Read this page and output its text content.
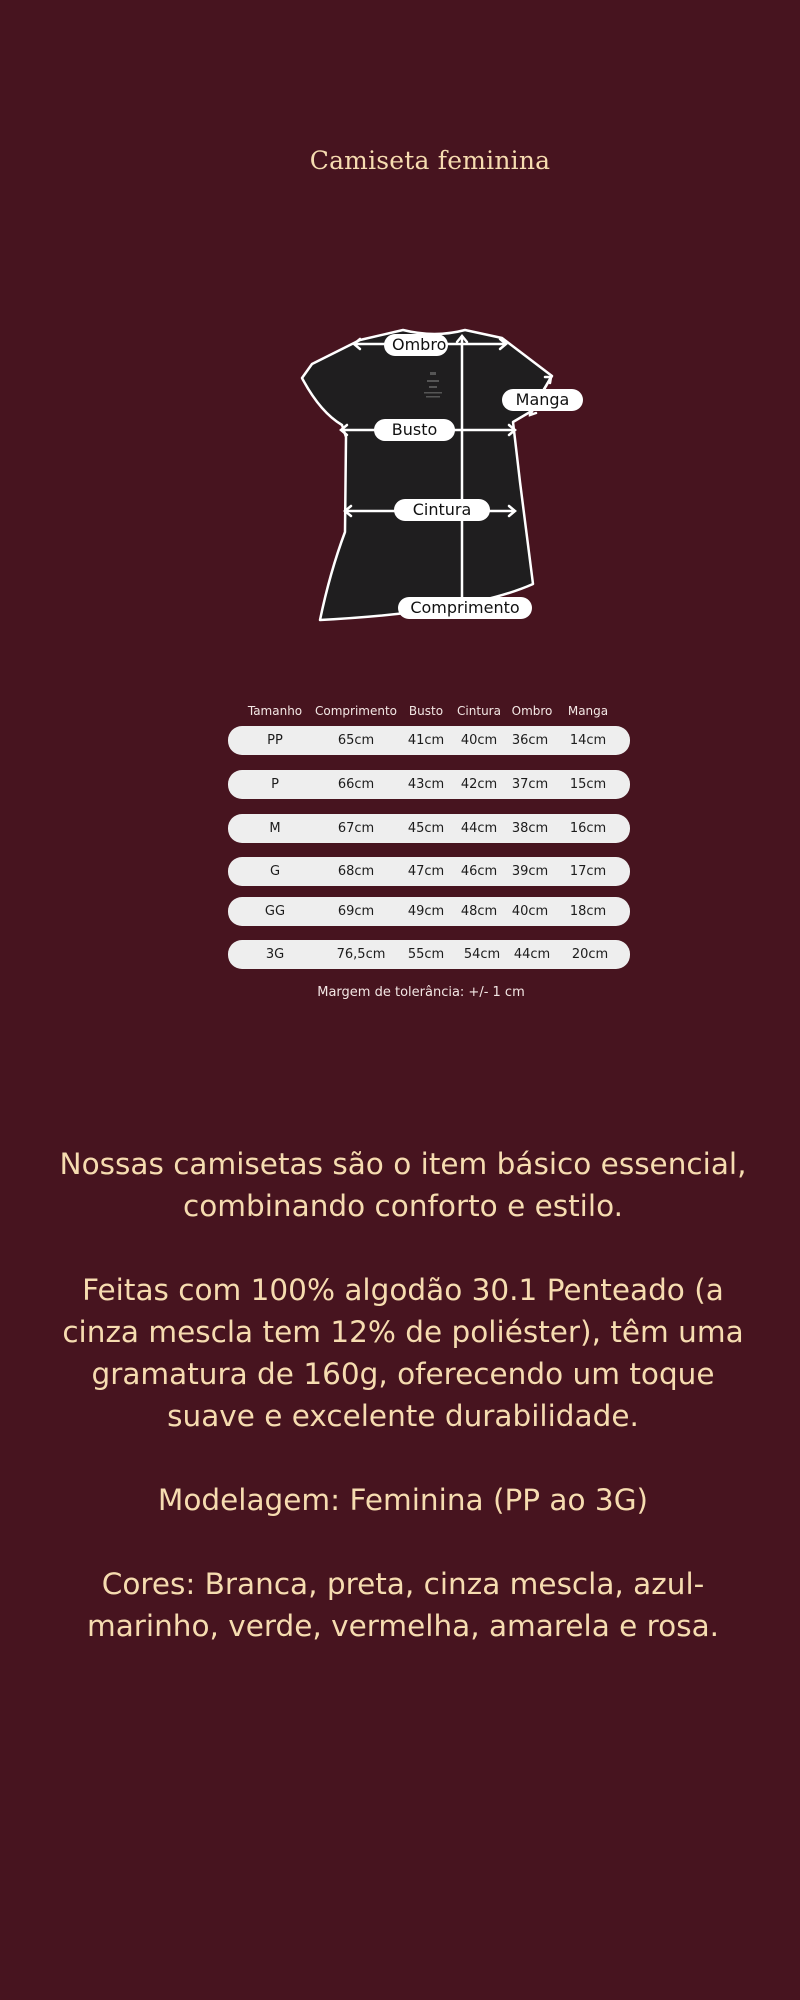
Camiseta feminina
Ombro
Manga
Busto
Cintura
Comprimento
Tamanho Comprimento Busto Cintura Ombro Manga
PP	65cm	41cm 40cm 36cm 14cm
P	66cm	43cm 42cm 37cm 15cm
M	67cm	45cm 44cm 38cm 16cm
G	68cm	47cm 46cm 39cm 17cm
GG	69cm	49cm 48cm 40cm 18cm
3G	76,5cm 55cm 54cm 44cm 20cm
Margem de tolerância: +/- 1 cm

Nossas camisetas são o item básico essencial, combinando conforto e estilo.

Feitas com 100% algodão 30.1 Penteado (a cinza mescla tem 12% de poliéster), têm uma gramatura de 160g, oferecendo um toque suave e excelente durabilidade.

Modelagem: Feminina (PP ao 3G)

Cores: Branca, preta, cinza mescla, azul-marinho, verde, vermelha, amarela e rosa.
